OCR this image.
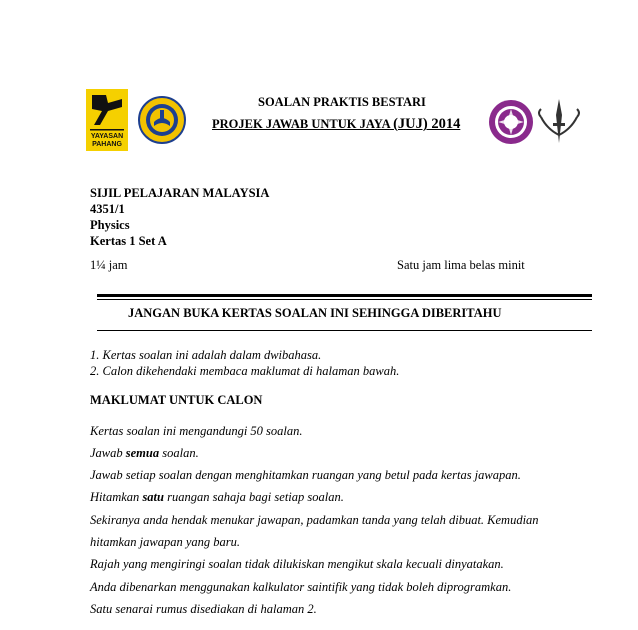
YAYASAN
PAHANG
SOALAN PRAKTIS BESTARI
PROJEK JAWAB UNTUK JAYA (JUJ) 2014
SIJIL PELAJARAN MALAYSIA
4351/1
Physics
Kertas 1 Set A
1¼ jam	Satu jam lima belas minit
JANGAN BUKA KERTAS SOALAN INI SEHINGGA DIBERITAHU
1. Kertas soalan ini adalah dalam dwibahasa.
2. Calon dikehendaki membaca maklumat di halaman bawah.
MAKLUMAT UNTUK CALON
Kertas soalan ini mengandungi 50 soalan.
Jawab semua soalan.
Jawab setiap soalan dengan menghitamkan ruangan yang betul pada kertas jawapan.
Hitamkan satu ruangan sahaja bagi setiap soalan.
Sekiranya anda hendak menukar jawapan, padamkan tanda yang telah dibuat. Kemudian
hitamkan jawapan yang baru.
Rajah yang mengiringi soalan tidak dilukiskan mengikut skala kecuali dinyatakan.
Anda dibenarkan menggunakan kalkulator saintifik yang tidak boleh diprogramkan.
Satu senarai rumus disediakan di halaman 2.
